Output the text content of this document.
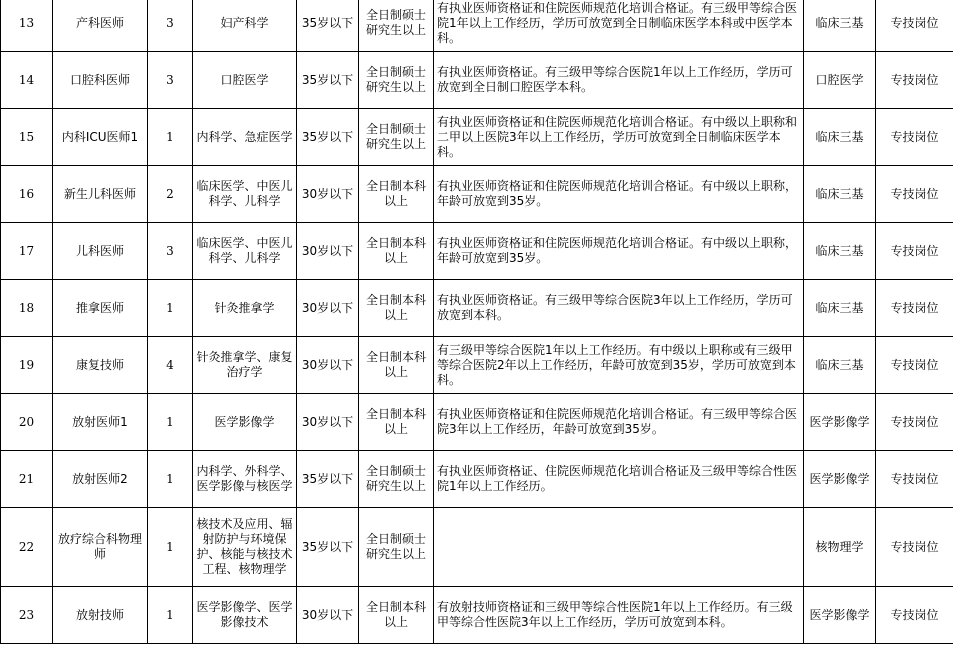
13	产科医师	3	妇产科学	35岁以下	全日制硕士研究生以上	有执业医师资格证和住院医师规范化培训合格证。有三级甲等综合医院1年以上工作经历，学历可放宽到全日制临床医学本科或中医学本科。	临床三基	专技岗位
14	口腔科医师	3	口腔医学	35岁以下	全日制硕士研究生以上	有执业医师资格证。有三级甲等综合医院1年以上工作经历，学历可放宽到全日制口腔医学本科。	口腔医学	专技岗位
15	内科ICU医师1	1	内科学、急症医学	35岁以下	全日制硕士研究生以上	有执业医师资格证和住院医师规范化培训合格证。有中级以上职称和二甲以上医院3年以上工作经历，学历可放宽到全日制临床医学本科。	临床三基	专技岗位
16	新生儿科医师	2	临床医学、中医儿科学、儿科学	30岁以下	全日制本科以上	有执业医师资格证和住院医师规范化培训合格证。有中级以上职称，年龄可放宽到35岁。	临床三基	专技岗位
17	儿科医师	3	临床医学、中医儿科学、儿科学	30岁以下	全日制本科以上	有执业医师资格证和住院医师规范化培训合格证。有中级以上职称，年龄可放宽到35岁。	临床三基	专技岗位
18	推拿医师	1	针灸推拿学	30岁以下	全日制本科以上	有执业医师资格证。有三级甲等综合医院3年以上工作经历，学历可放宽到本科。	临床三基	专技岗位
19	康复技师	4	针灸推拿学、康复治疗学	30岁以下	全日制本科以上	有三级甲等综合医院1年以上工作经历。有中级以上职称或有三级甲等综合医院2年以上工作经历，年龄可放宽到35岁，学历可放宽到本科。	临床三基	专技岗位
20	放射医师1	1	医学影像学	30岁以下	全日制本科以上	有执业医师资格证和住院医师规范化培训合格证。有三级甲等综合医院3年以上工作经历，年龄可放宽到35岁。	医学影像学	专技岗位
21	放射医师2	1	内科学、外科学、医学影像与核医学	35岁以下	全日制硕士研究生以上	有执业医师资格证、住院医师规范化培训合格证及三级甲等综合性医院1年以上工作经历。	医学影像学	专技岗位
22	放疗综合科物理师	1	核技术及应用、辐射防护与环境保护、核能与核技术工程、核物理学	35岁以下	全日制硕士研究生以上		核物理学	专技岗位
23	放射技师	1	医学影像学、医学影像技术	30岁以下	全日制本科以上	有放射技师资格证和三级甲等综合性医院1年以上工作经历。有三级甲等综合性医院3年以上工作经历，学历可放宽到本科。	医学影像学	专技岗位
